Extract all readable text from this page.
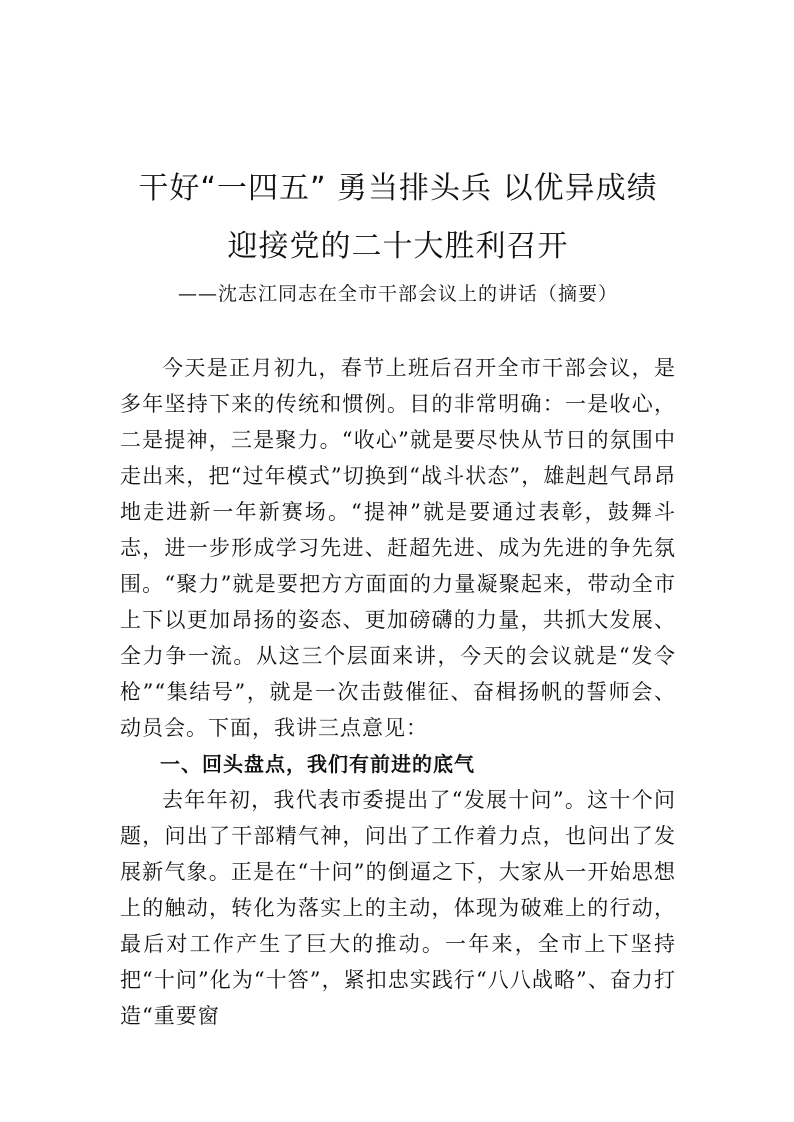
干好“一四五” 勇当排头兵 以优异成绩
迎接党的二十大胜利召开

——沈志江同志在全市干部会议上的讲话（摘要）

今天是正月初九，春节上班后召开全市干部会议，是多年坚持下来的传统和惯例。目的非常明确：一是收心，二是提神，三是聚力。“收心”就是要尽快从节日的氛围中走出来，把“过年模式”切换到“战斗状态”，雄赳赳气昂昂地走进新一年新赛场。“提神”就是要通过表彰，鼓舞斗志，进一步形成学习先进、赶超先进、成为先进的争先氛围。“聚力”就是要把方方面面的力量凝聚起来，带动全市上下以更加昂扬的姿态、更加磅礴的力量，共抓大发展、全力争一流。从这三个层面来讲，今天的会议就是“发令枪”“集结号”，就是一次击鼓催征、奋楫扬帆的誓师会、动员会。下面，我讲三点意见：

一、回头盘点，我们有前进的底气

去年年初，我代表市委提出了“发展十问”。这十个问题，问出了干部精气神，问出了工作着力点，也问出了发展新气象。正是在“十问”的倒逼之下，大家从一开始思想上的触动，转化为落实上的主动，体现为破难上的行动，最后对工作产生了巨大的推动。一年来，全市上下坚持把“十问”化为“十答”，紧扣忠实践行“八八战略”、奋力打造“重要窗
